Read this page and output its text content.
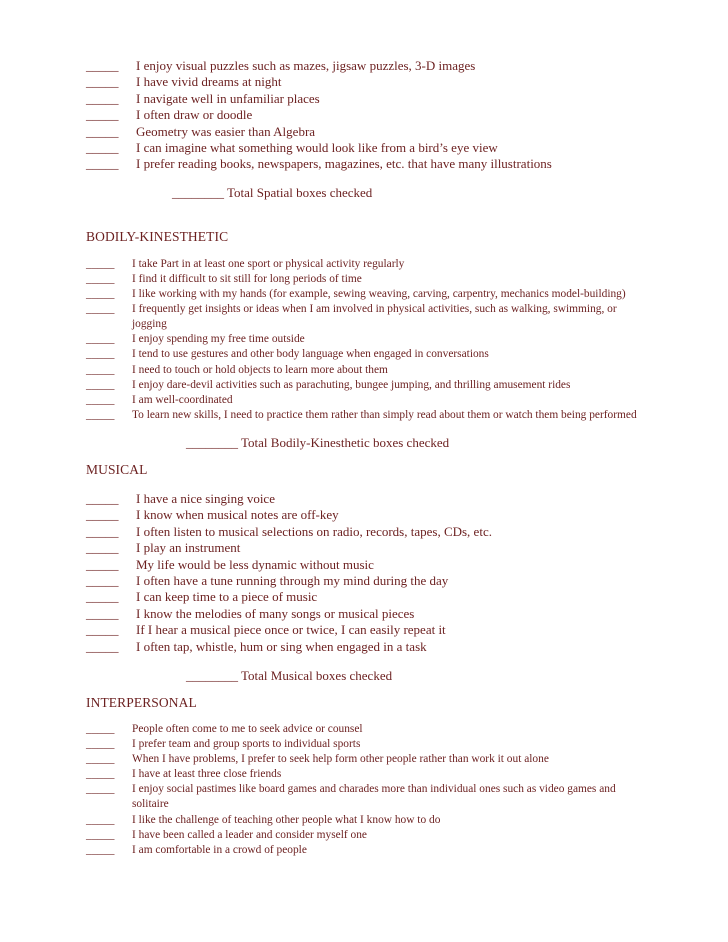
_____	I enjoy visual puzzles such as mazes, jigsaw puzzles, 3-D images
_____	I have vivid dreams at night
_____	I navigate well in unfamiliar places
_____	I often draw or doodle
_____	Geometry was easier than Algebra
_____	I can imagine what something would look like from a bird’s eye view
_____	I prefer reading books, newspapers, magazines, etc. that have many illustrations
________ Total Spatial boxes checked
BODILY-KINESTHETIC
_____	I take Part in at least one sport or physical activity regularly
_____	I find it difficult to sit still for long periods of time
_____	I like working with my hands (for example, sewing weaving, carving, carpentry, mechanics model-building)
_____	I frequently get insights or ideas when I am involved in physical activities, such as walking, swimming, or jogging
_____	I enjoy spending my free time outside
_____	I tend to use gestures and other body language when engaged in conversations
_____	I need to touch or hold objects to learn more about them
_____	I enjoy dare-devil activities such as parachuting, bungee jumping, and thrilling amusement rides
_____	I am well-coordinated
_____	To learn new skills, I need to practice them rather than simply read about them or watch them being performed
________ Total Bodily-Kinesthetic boxes checked
MUSICAL
_____	I have a nice singing voice
_____	I know when musical notes are off-key
_____	I often listen to musical selections on radio, records, tapes, CDs, etc.
_____	I play an instrument
_____	My life would be less dynamic without music
_____	I often have a tune running through my mind during the day
_____	I can keep time to a piece of music
_____	I know the melodies of many songs or musical pieces
_____	If I hear a musical piece once or twice, I can easily repeat it
_____	I often tap, whistle, hum or sing when engaged in a task
________ Total Musical boxes checked
INTERPERSONAL
_____	People often come to me to seek advice or counsel
_____	I prefer team and group sports to individual sports
_____	When I have problems, I prefer to seek help form other people rather than work it out alone
_____	I have at least three close friends
_____	I enjoy social pastimes like board games and charades more than individual ones such as video games and solitaire
_____	I like the challenge of teaching other people what I know how to do
_____	I have been called a leader and consider myself one
_____	I am comfortable in a crowd of people
